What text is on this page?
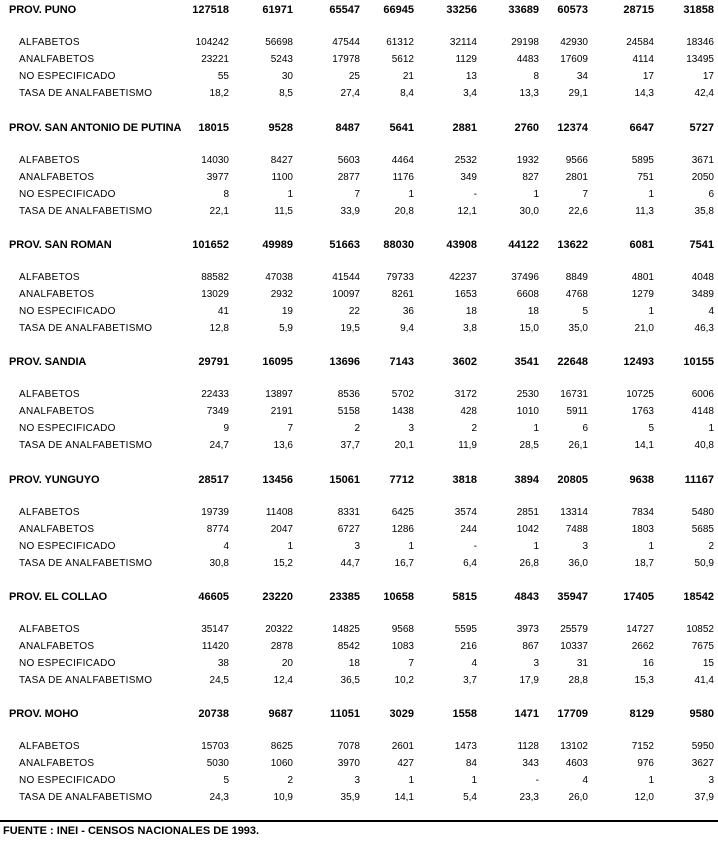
PROV. PUNO	127518	61971	65547	66945	33256	33689	60573	28715	31858
ALFABETOS	104242	56698	47544	61312	32114	29198	42930	24584	18346
ANALFABETOS	23221	5243	17978	5612	1129	4483	17609	4114	13495
NO ESPECIFICADO	55	30	25	21	13	8	34	17	17
TASA DE ANALFABETISMO	18,2	8,5	27,4	8,4	3,4	13,3	29,1	14,3	42,4
PROV. SAN ANTONIO DE PUTINA	18015	9528	8487	5641	2881	2760	12374	6647	5727
ALFABETOS	14030	8427	5603	4464	2532	1932	9566	5895	3671
ANALFABETOS	3977	1100	2877	1176	349	827	2801	751	2050
NO ESPECIFICADO	8	1	7	1	-	1	7	1	6
TASA DE ANALFABETISMO	22,1	11,5	33,9	20,8	12,1	30,0	22,6	11,3	35,8
PROV. SAN ROMAN	101652	49989	51663	88030	43908	44122	13622	6081	7541
ALFABETOS	88582	47038	41544	79733	42237	37496	8849	4801	4048
ANALFABETOS	13029	2932	10097	8261	1653	6608	4768	1279	3489
NO ESPECIFICADO	41	19	22	36	18	18	5	1	4
TASA DE ANALFABETISMO	12,8	5,9	19,5	9,4	3,8	15,0	35,0	21,0	46,3
PROV. SANDIA	29791	16095	13696	7143	3602	3541	22648	12493	10155
ALFABETOS	22433	13897	8536	5702	3172	2530	16731	10725	6006
ANALFABETOS	7349	2191	5158	1438	428	1010	5911	1763	4148
NO ESPECIFICADO	9	7	2	3	2	1	6	5	1
TASA DE ANALFABETISMO	24,7	13,6	37,7	20,1	11,9	28,5	26,1	14,1	40,8
PROV. YUNGUYO	28517	13456	15061	7712	3818	3894	20805	9638	11167
ALFABETOS	19739	11408	8331	6425	3574	2851	13314	7834	5480
ANALFABETOS	8774	2047	6727	1286	244	1042	7488	1803	5685
NO ESPECIFICADO	4	1	3	1	-	1	3	1	2
TASA DE ANALFABETISMO	30,8	15,2	44,7	16,7	6,4	26,8	36,0	18,7	50,9
PROV. EL COLLAO	46605	23220	23385	10658	5815	4843	35947	17405	18542
ALFABETOS	35147	20322	14825	9568	5595	3973	25579	14727	10852
ANALFABETOS	11420	2878	8542	1083	216	867	10337	2662	7675
NO ESPECIFICADO	38	20	18	7	4	3	31	16	15
TASA DE ANALFABETISMO	24,5	12,4	36,5	10,2	3,7	17,9	28,8	15,3	41,4
PROV. MOHO	20738	9687	11051	3029	1558	1471	17709	8129	9580
ALFABETOS	15703	8625	7078	2601	1473	1128	13102	7152	5950
ANALFABETOS	5030	1060	3970	427	84	343	4603	976	3627
NO ESPECIFICADO	5	2	3	1	1	-	4	1	3
TASA DE ANALFABETISMO	24,3	10,9	35,9	14,1	5,4	23,3	26,0	12,0	37,9
FUENTE : INEI - CENSOS NACIONALES DE 1993.
